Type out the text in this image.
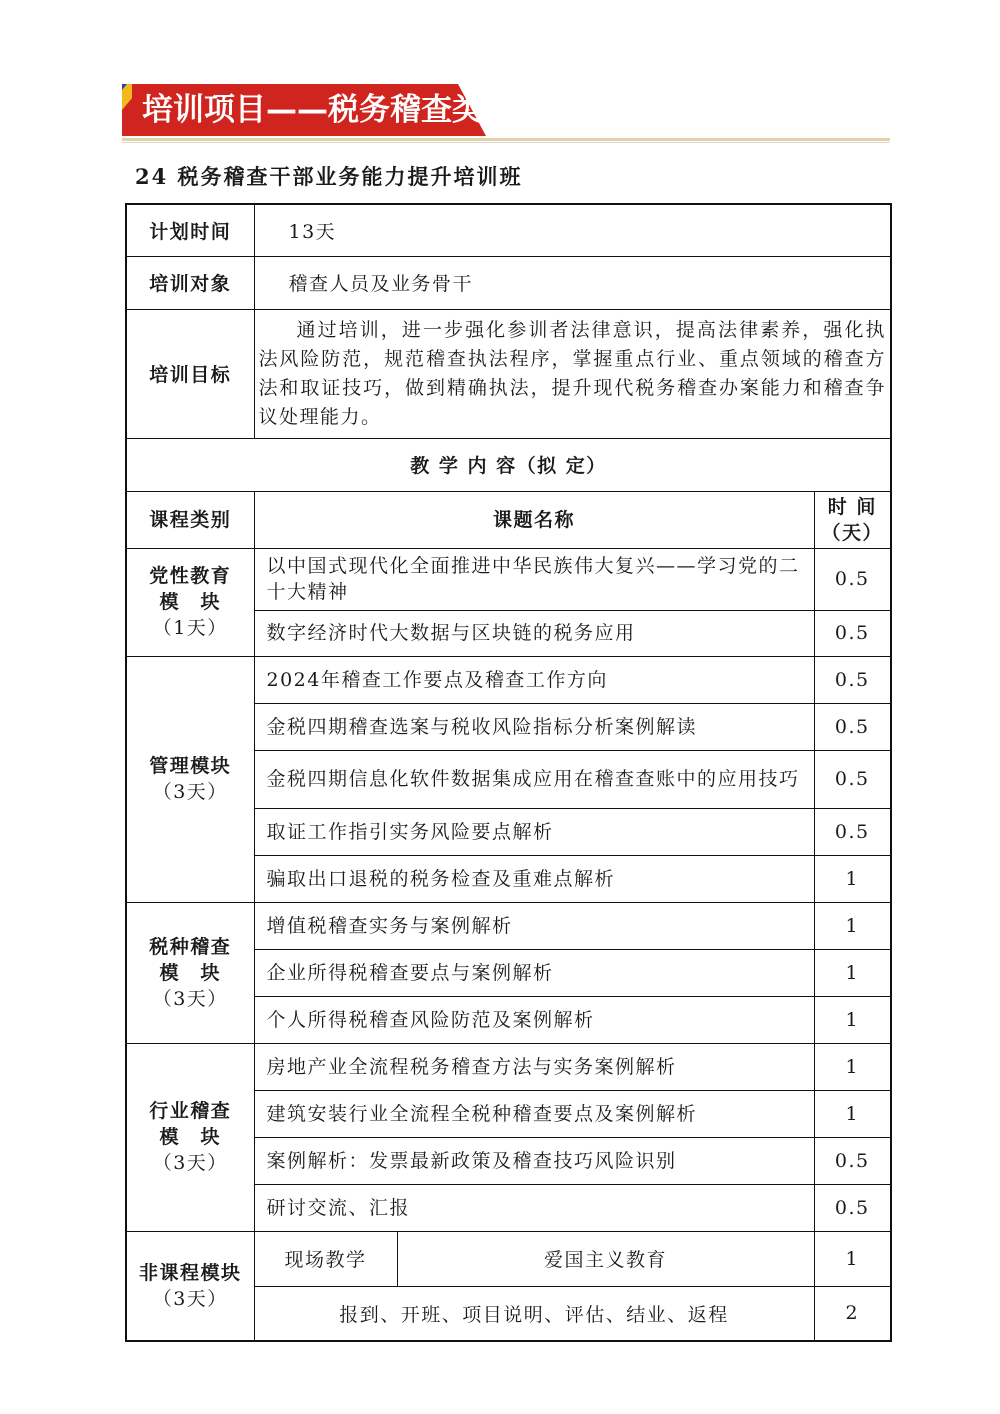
培训项目——税务稽查类
24 税务稽查干部业务能力提升培训班
计划时间	13天		
培训对象	稽查人员及业务骨干		
培训目标	通过培训，进一步强化参训者法律意识，提高法律素养，强化执法风险防范，规范稽查执法程序，掌握重点行业、重点领域的稽查方法和取证技巧，做到精确执法，提升现代税务稽查办案能力和稽查争议处理能力。		
教 学 内 容（拟 定）			
课程类别	课题名称		时 间
（天）

党性教育
模　块
（1天）	以中国式现代化全面推进中华民族伟大复兴——学习党的二十大精神		0.5
	数字经济时代大数据与区块链的税务应用		0.5

管理模块
（3天）	2024年稽查工作要点及稽查工作方向		0.5
	金税四期稽查选案与税收风险指标分析案例解读		0.5
	金税四期信息化软件数据集成应用在稽查查账中的应用技巧		0.5
	取证工作指引实务风险要点解析		0.5
	骗取出口退税的税务检查及重难点解析		1

税种稽查
模　块
（3天）	增值税稽查实务与案例解析		1
	企业所得税稽查要点与案例解析		1
	个人所得税稽查风险防范及案例解析		1

行业稽查
模　块
（3天）	房地产业全流程税务稽查方法与实务案例解析		1
	建筑安装行业全流程全税种稽查要点及案例解析		1
	案例解析：发票最新政策及稽查技巧风险识别		0.5
	研讨交流、汇报		0.5

非课程模块
（3天）	现场教学	爱国主义教育	1
	报到、开班、项目说明、评估、结业、返程		2
